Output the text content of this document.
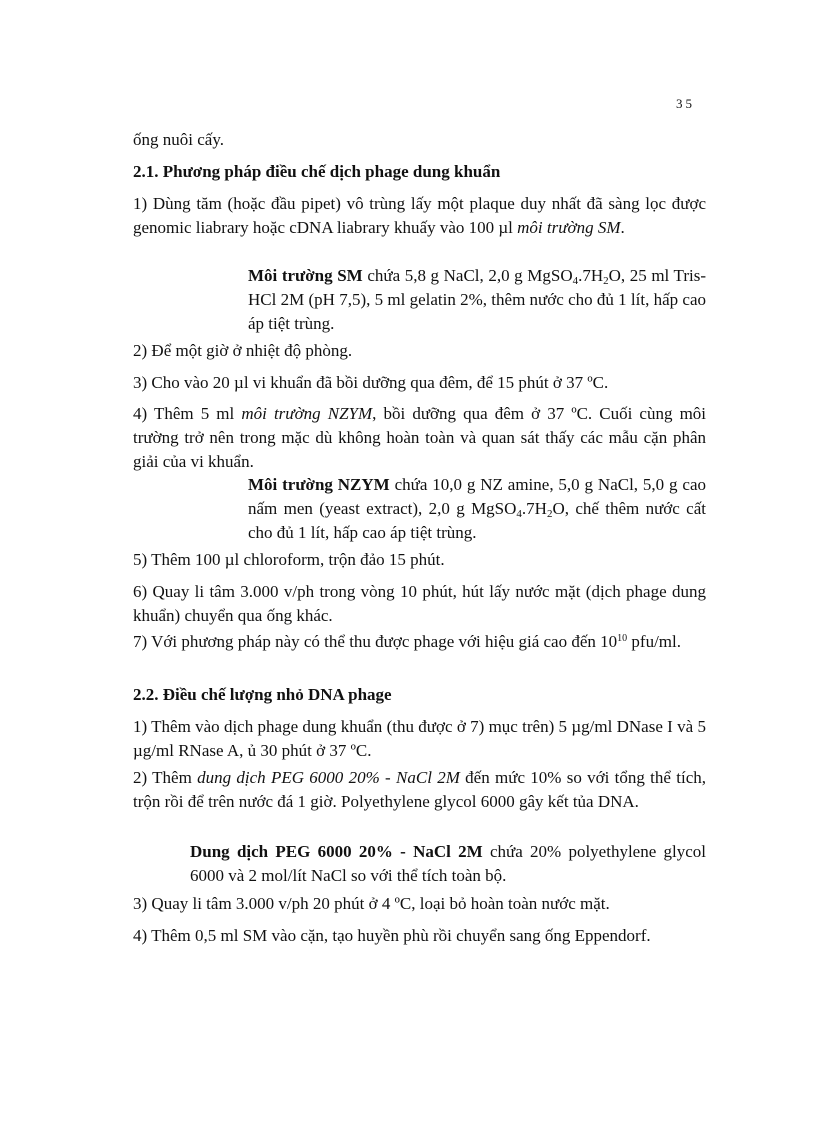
35

ống nuôi cấy.

2.1. Phương pháp điều chế dịch phage dung khuẩn

1) Dùng tăm (hoặc đầu pipet) vô trùng lấy một plaque duy nhất đã sàng lọc được genomic liabrary hoặc cDNA liabrary khuấy vào 100 µl môi trường SM.

Môi trường SM chứa 5,8 g NaCl, 2,0 g $MgSO_4.7H_2O$, 25 ml Tris-HCl 2M (pH 7,5), 5 ml gelatin 2%, thêm nước cho đủ 1 lít, hấp cao áp tiệt trùng.

2) Để một giờ ở nhiệt độ phòng.

3) Cho vào 20 µl vi khuẩn đã bồi dưỡng qua đêm, để 15 phút ở 37 ºC.

4) Thêm 5 ml môi trường NZYM, bồi dưỡng qua đêm ở 37 ºC. Cuối cùng môi trường trở nên trong mặc dù không hoàn toàn và quan sát thấy các mẫu cặn phân giải của vi khuẩn.

Môi trường NZYM chứa 10,0 g NZ amine, 5,0 g NaCl, 5,0 g cao nấm men (yeast extract), 2,0 g $MgSO_4.7H_2O$, chế thêm nước cất cho đủ 1 lít, hấp cao áp tiệt trùng.

5) Thêm 100 µl chloroform, trộn đảo 15 phút.

6) Quay li tâm 3.000 v/ph trong vòng 10 phút, hút lấy nước mặt (dịch phage dung khuẩn) chuyển qua ống khác.

7) Với phương pháp này có thể thu được phage với hiệu giá cao đến $10^{10}$ pfu/ml.

2.2. Điều chế lượng nhỏ DNA phage

1) Thêm vào dịch phage dung khuẩn (thu được ở 7) mục trên) 5 µg/ml DNase I và 5 µg/ml RNase A, ủ 30 phút ở 37 ºC.

2) Thêm dung dịch PEG 6000 20% - NaCl 2M đến mức 10% so với tổng thể tích, trộn rồi để trên nước đá 1 giờ. Polyethylene glycol 6000 gây kết tủa DNA.

Dung dịch PEG 6000 20% - NaCl 2M chứa 20% polyethylene glycol 6000 và 2 mol/lít NaCl so với thể tích toàn bộ.

3) Quay li tâm 3.000 v/ph 20 phút ở 4 ºC, loại bỏ hoàn toàn nước mặt.

4) Thêm 0,5 ml SM vào cặn, tạo huyền phù rồi chuyển sang ống Eppendorf.
